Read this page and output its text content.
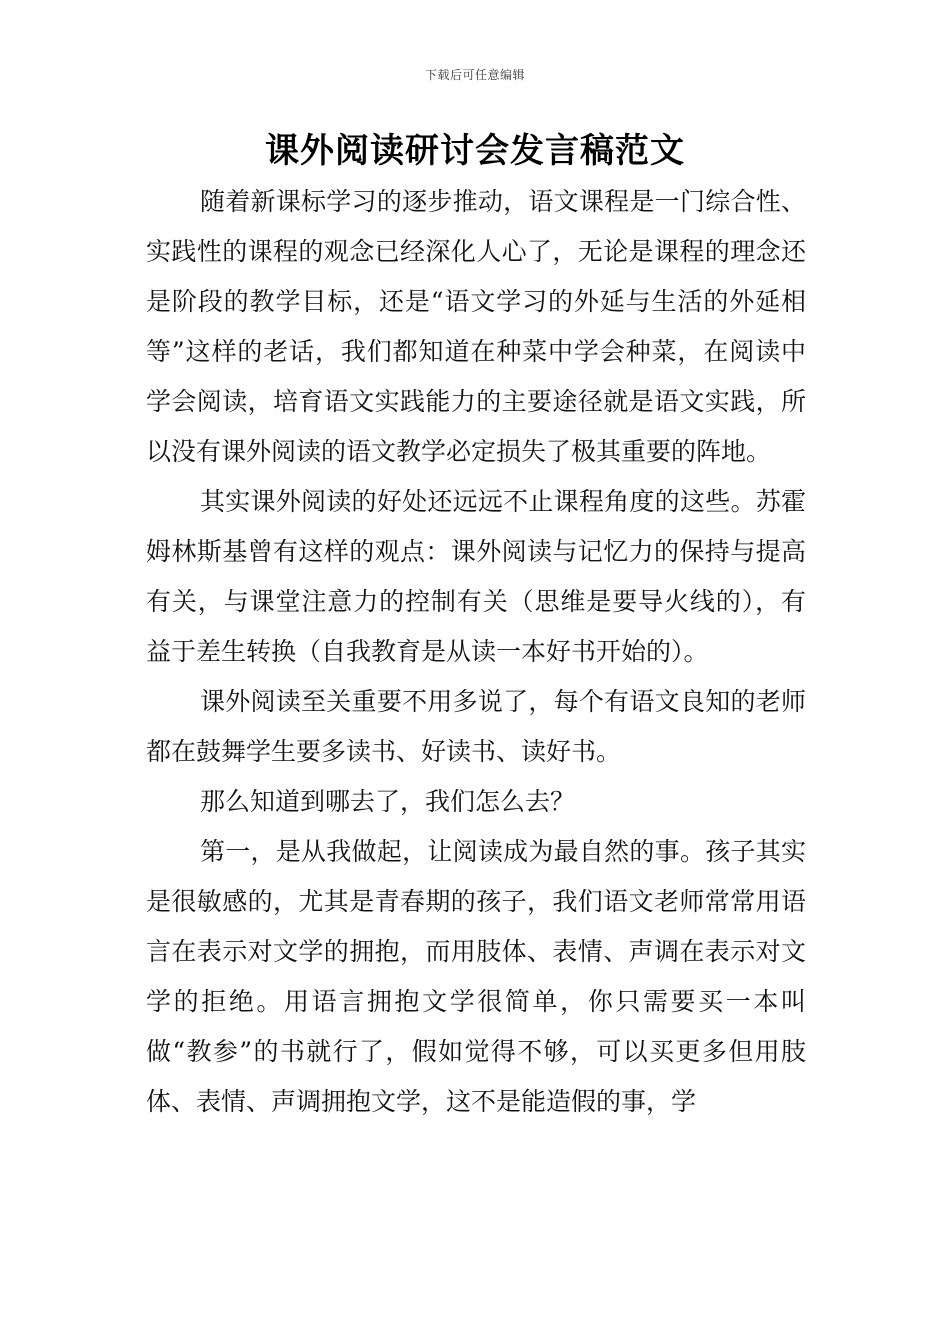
下载后可任意编辑
课外阅读研讨会发言稿范文

随着新课标学习的逐步推动，语文课程是一门综合性、实践性的课程的观念已经深化人心了，无论是课程的理念还是阶段的教学目标，还是“语文学习的外延与生活的外延相等”这样的老话，我们都知道在种菜中学会种菜，在阅读中学会阅读，培育语文实践能力的主要途径就是语文实践，所以没有课外阅读的语文教学必定损失了极其重要的阵地。

其实课外阅读的好处还远远不止课程角度的这些。苏霍姆林斯基曾有这样的观点：课外阅读与记忆力的保持与提高有关，与课堂注意力的控制有关（思维是要导火线的），有益于差生转换（自我教育是从读一本好书开始的）。

课外阅读至关重要不用多说了，每个有语文良知的老师都在鼓舞学生要多读书、好读书、读好书。

那么知道到哪去了，我们怎么去？

第一，是从我做起，让阅读成为最自然的事。孩子其实是很敏感的，尤其是青春期的孩子，我们语文老师常常用语言在表示对文学的拥抱，而用肢体、表情、声调在表示对文学的拒绝。用语言拥抱文学很简单，你只需要买一本叫做“教参”的书就行了，假如觉得不够，可以买更多但用肢体、表情、声调拥抱文学，这不是能造假的事，学
